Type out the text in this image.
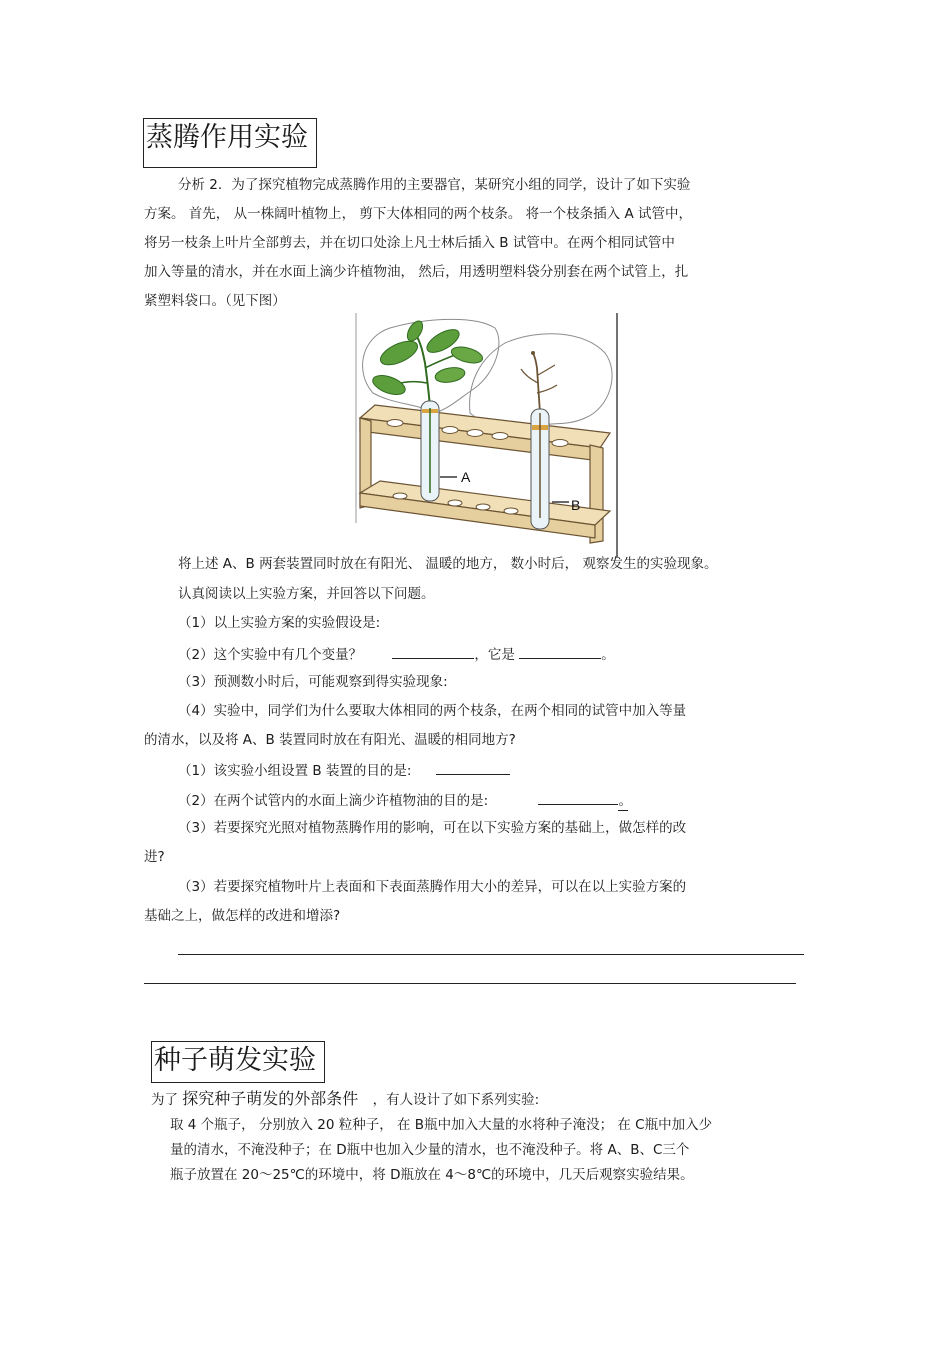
蒸腾作用实验
分析 2．为了探究植物完成蒸腾作用的主要器官，某研究小组的同学，设计了如下实验
方案。 首先， 从一株阔叶植物上， 剪下大体相同的两个枝条。 将一个枝条插入 A 试管中，
将另一枝条上叶片全部剪去，并在切口处涂上凡士林后插入 B 试管中。在两个相同试管中
加入等量的清水，并在水面上滴少许植物油， 然后，用透明塑料袋分别套在两个试管上，扎
紧塑料袋口。（见下图）
A
B
将上述 A、B 两套装置同时放在有阳光、 温暖的地方， 数小时后， 观察发生的实验现象。
认真阅读以上实验方案，并回答以下问题。
（1）以上实验方案的实验假设是:
（2）这个实验中有几个变量？	，它是	。
（3）预测数小时后，可能观察到得实验现象:
（4）实验中，同学们为什么要取大体相同的两个枝条，在两个相同的试管中加入等量
的清水，以及将 A、B 装置同时放在有阳光、温暖的相同地方?
（1）该实验小组设置 B 装置的目的是:
（2）在两个试管内的水面上滴少许植物油的目的是:	。
（3）若要探究光照对植物蒸腾作用的影响，可在以下实验方案的基础上，做怎样的改
进?
（3）若要探究植物叶片上表面和下表面蒸腾作用大小的差异，可以在以上实验方案的
基础之上，做怎样的改进和增添?
种子萌发实验
为了 探究种子萌发的外部条件 ，有人设计了如下系列实验:
取 4 个瓶子， 分别放入 20 粒种子， 在 B瓶中加入大量的水将种子淹没； 在 C瓶中加入少
量的清水，不淹没种子；在 D瓶中也加入少量的清水，也不淹没种子。将 A、B、C三个
瓶子放置在 20～25℃的环境中，将 D瓶放在 4～8℃的环境中，几天后观察实验结果。
